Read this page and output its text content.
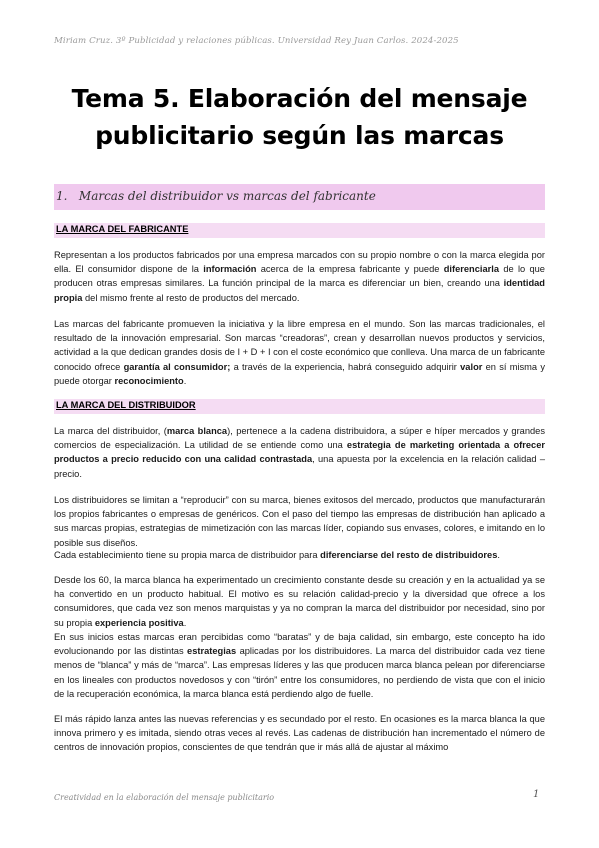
Miriam Cruz. 3º Publicidad y relaciones públicas. Universidad Rey Juan Carlos. 2024-2025
Tema 5. Elaboración del mensaje
publicitario según las marcas
1. Marcas del distribuidor vs marcas del fabricante
LA MARCA DEL FABRICANTE
Representan a los productos fabricados por una empresa marcados con su propio nombre o con la marca elegida por ella. El consumidor dispone de la información acerca de la empresa fabricante y puede diferenciarla de lo que producen otras empresas similares. La función principal de la marca es diferenciar un bien, creando una identidad propia del mismo frente al resto de productos del mercado.
Las marcas del fabricante promueven la iniciativa y la libre empresa en el mundo. Son las marcas tradicionales, el resultado de la innovación empresarial. Son marcas “creadoras”, crean y desarrollan nuevos productos y servicios, actividad a la que dedican grandes dosis de I + D + I con el coste económico que conlleva. Una marca de un fabricante conocido ofrece garantía al consumidor; a través de la experiencia, habrá conseguido adquirir valor en sí misma y puede otorgar reconocimiento.
LA MARCA DEL DISTRIBUIDOR
La marca del distribuidor, (marca blanca), pertenece a la cadena distribuidora, a súper e híper mercados y grandes comercios de especialización. La utilidad de se entiende como una estrategia de marketing orientada a ofrecer productos a precio reducido con una calidad contrastada, una apuesta por la excelencia en la relación calidad – precio.
Los distribuidores se limitan a “reproducir” con su marca, bienes exitosos del mercado, productos que manufacturarán los propios fabricantes o empresas de genéricos. Con el paso del tiempo las empresas de distribución han aplicado a sus marcas propias, estrategias de mimetización con las marcas líder, copiando sus envases, colores, e imitando en lo posible sus diseños.
Cada establecimiento tiene su propia marca de distribuidor para diferenciarse del resto de distribuidores.
Desde los 60, la marca blanca ha experimentado un crecimiento constante desde su creación y en la actualidad ya se ha convertido en un producto habitual. El motivo es su relación calidad-precio y la diversidad que ofrece a los consumidores, que cada vez son menos marquistas y ya no compran la marca del distribuidor por necesidad, sino por su propia experiencia positiva.
En sus inicios estas marcas eran percibidas como “baratas” y de baja calidad, sin embargo, este concepto ha ido evolucionando por las distintas estrategias aplicadas por los distribuidores. La marca del distribuidor cada vez tiene menos de “blanca” y más de “marca”. Las empresas líderes y las que producen marca blanca pelean por diferenciarse en los lineales con productos novedosos y con “tirón” entre los consumidores, no perdiendo de vista que con el inicio de la recuperación económica, la marca blanca está perdiendo algo de fuelle.
El más rápido lanza antes las nuevas referencias y es secundado por el resto. En ocasiones es la marca blanca la que innova primero y es imitada, siendo otras veces al revés. Las cadenas de distribución han incrementado el número de centros de innovación propios, conscientes de que tendrán que ir más allá de ajustar al máximo
Creatividad en la elaboración del mensaje publicitario	1
